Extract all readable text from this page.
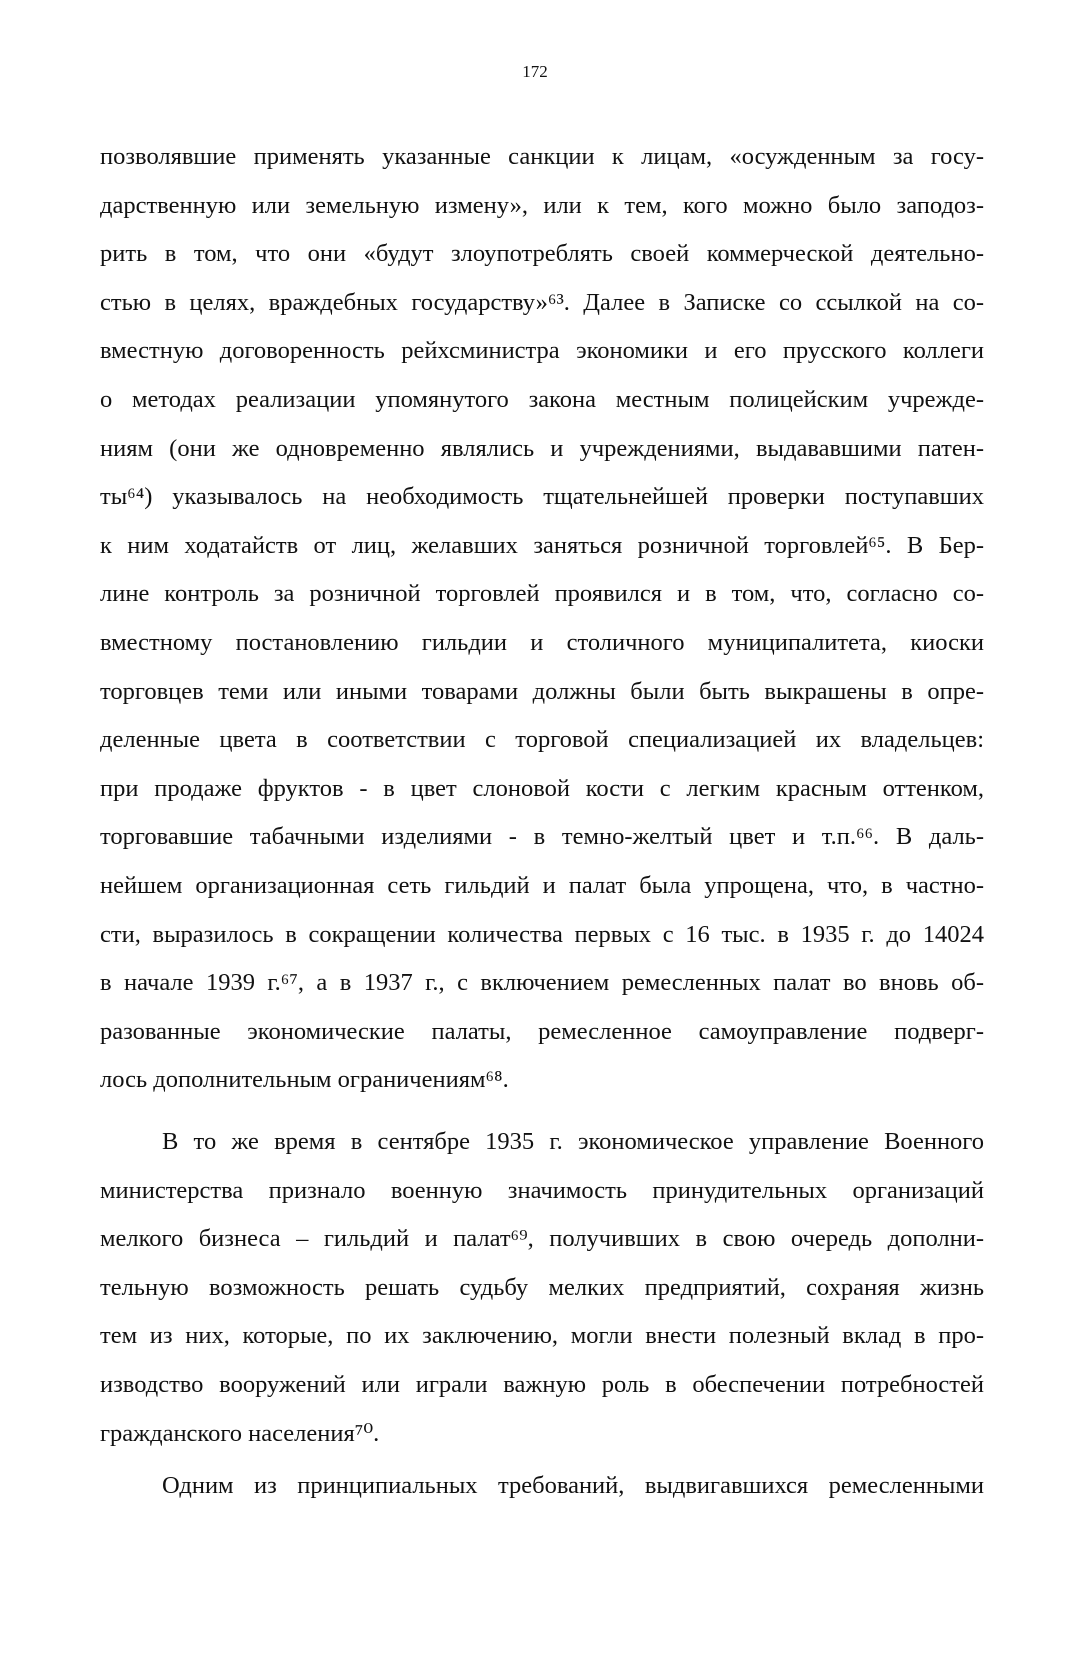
172
позволявшие применять указанные санкции к лицам, «осужденным за госу-
дарственную или земельную измену», или к тем, кого можно было заподоз-
рить в том, что они «будут злоупотреблять своей коммерческой деятельно-
стью в целях, враждебных государству»⁶³. Далее в Записке со ссылкой на со-
вместную договоренность рейхсминистра экономики и его прусского коллеги
о методах реализации упомянутого закона местным полицейским учрежде-
ниям (они же одновременно являлись и учреждениями, выдававшими патен-
ты⁶⁴) указывалось на необходимость тщательнейшей проверки поступавших
к ним ходатайств от лиц, желавших заняться розничной торговлей⁶⁵. В Бер-
лине контроль за розничной торговлей проявился и в том, что, согласно со-
вместному постановлению гильдии и столичного муниципалитета, киоски
торговцев теми или иными товарами должны были быть выкрашены в опре-
деленные цвета в соответствии с торговой специализацией их владельцев:
при продаже фруктов - в цвет слоновой кости с легким красным оттенком,
торговавшие табачными изделиями - в темно-желтый цвет и т.п.⁶⁶. В даль-
нейшем организационная сеть гильдий и палат была упрощена, что, в частно-
сти, выразилось в сокращении количества первых с 16 тыс. в 1935 г. до 14024
в начале 1939 г.⁶⁷, а в 1937 г., с включением ремесленных палат во вновь об-
разованные экономические палаты, ремесленное самоуправление подверг-
лось дополнительным ограничениям⁶⁸.
В то же время в сентябре 1935 г. экономическое управление Военного
министерства признало военную значимость принудительных организаций
мелкого бизнеса – гильдий и палат⁶⁹, получивших в свою очередь дополни-
тельную возможность решать судьбу мелких предприятий, сохраняя жизнь
тем из них, которые, по их заключению, могли внести полезный вклад в про-
изводство вооружений или играли важную роль в обеспечении потребностей
гражданского населения⁷⁰.
Одним из принципиальных требований, выдвигавшихся ремесленными
